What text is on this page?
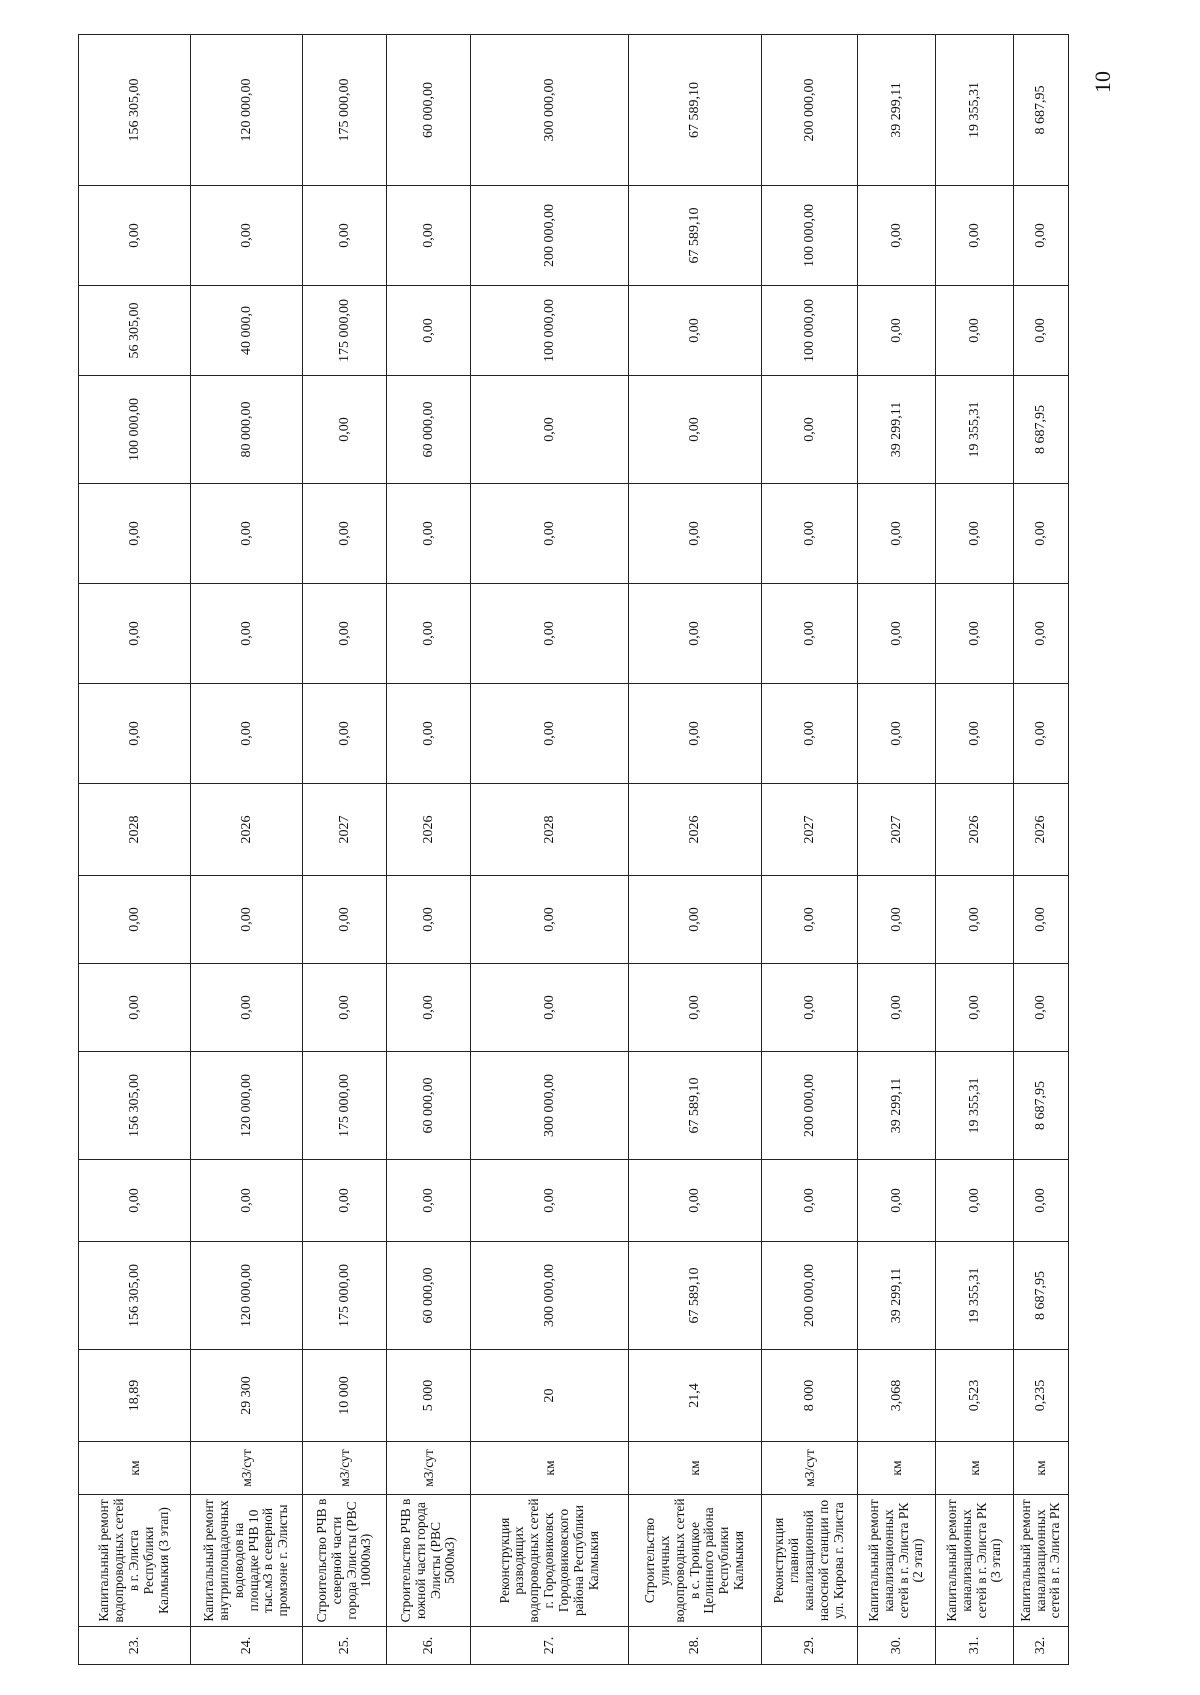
10
23.	Капитальный ремонт водопроводных сетей в г. Элиста Республики Калмыкия (3 этап)	км	18,89	156 305,00	0,00	156 305,00	0,00	0,00	2028	0,00	0,00	0,00	100 000,00	56 305,00	0,00	156 305,00
24.	Капитальный ремонт внутриплощадочных водоводов на площадке РЧВ 10 тыс.м3 в северной промзоне г. Элисты	м3/сут	29 300	120 000,00	0,00	120 000,00	0,00	0,00	2026	0,00	0,00	0,00	80 000,00	40 000,0	0,00	120 000,00
25.	Строительство РЧВ в северной части города Элисты (РВС 10000м3)	м3/сут	10 000	175 000,00	0,00	175 000,00	0,00	0,00	2027	0,00	0,00	0,00	0,00	175 000,00	0,00	175 000,00
26.	Строительство РЧВ в южной части города Элисты (РВС 5000м3)	м3/сут	5 000	60 000,00	0,00	60 000,00	0,00	0,00	2026	0,00	0,00	0,00	60 000,00	0,00	0,00	60 000,00
27.	Реконструкция разводящих водопроводных сетей г. Городовиковск Городовиковского района Республики Калмыкия	км	20	300 000,00	0,00	300 000,00	0,00	0,00	2028	0,00	0,00	0,00	0,00	100 000,00	200 000,00	300 000,00
28.	Строительство уличных водопроводных сетей в с. Троицкое Целинного района Республики Калмыкия	км	21,4	67 589,10	0,00	67 589,10	0,00	0,00	2026	0,00	0,00	0,00	0,00	0,00	67 589,10	67 589,10
29.	Реконструкция главной канализационной насосной станции по ул. Кирова г. Элиста	м3/сут	8 000	200 000,00	0,00	200 000,00	0,00	0,00	2027	0,00	0,00	0,00	0,00	100 000,00	100 000,00	200 000,00
30.	Капитальный ремонт канализационных сетей в г. Элиста РК (2 этап)	км	3,068	39 299,11	0,00	39 299,11	0,00	0,00	2027	0,00	0,00	0,00	39 299,11	0,00	0,00	39 299,11
31.	Капитальный ремонт канализационных сетей в г. Элиста РК (3 этап)	км	0,523	19 355,31	0,00	19 355,31	0,00	0,00	2026	0,00	0,00	0,00	19 355,31	0,00	0,00	19 355,31
32.	Капитальный ремонт канализационных сетей в г. Элиста РК	км	0,235	8 687,95	0,00	8 687,95	0,00	0,00	2026	0,00	0,00	0,00	8 687,95	0,00	0,00	8 687,95
